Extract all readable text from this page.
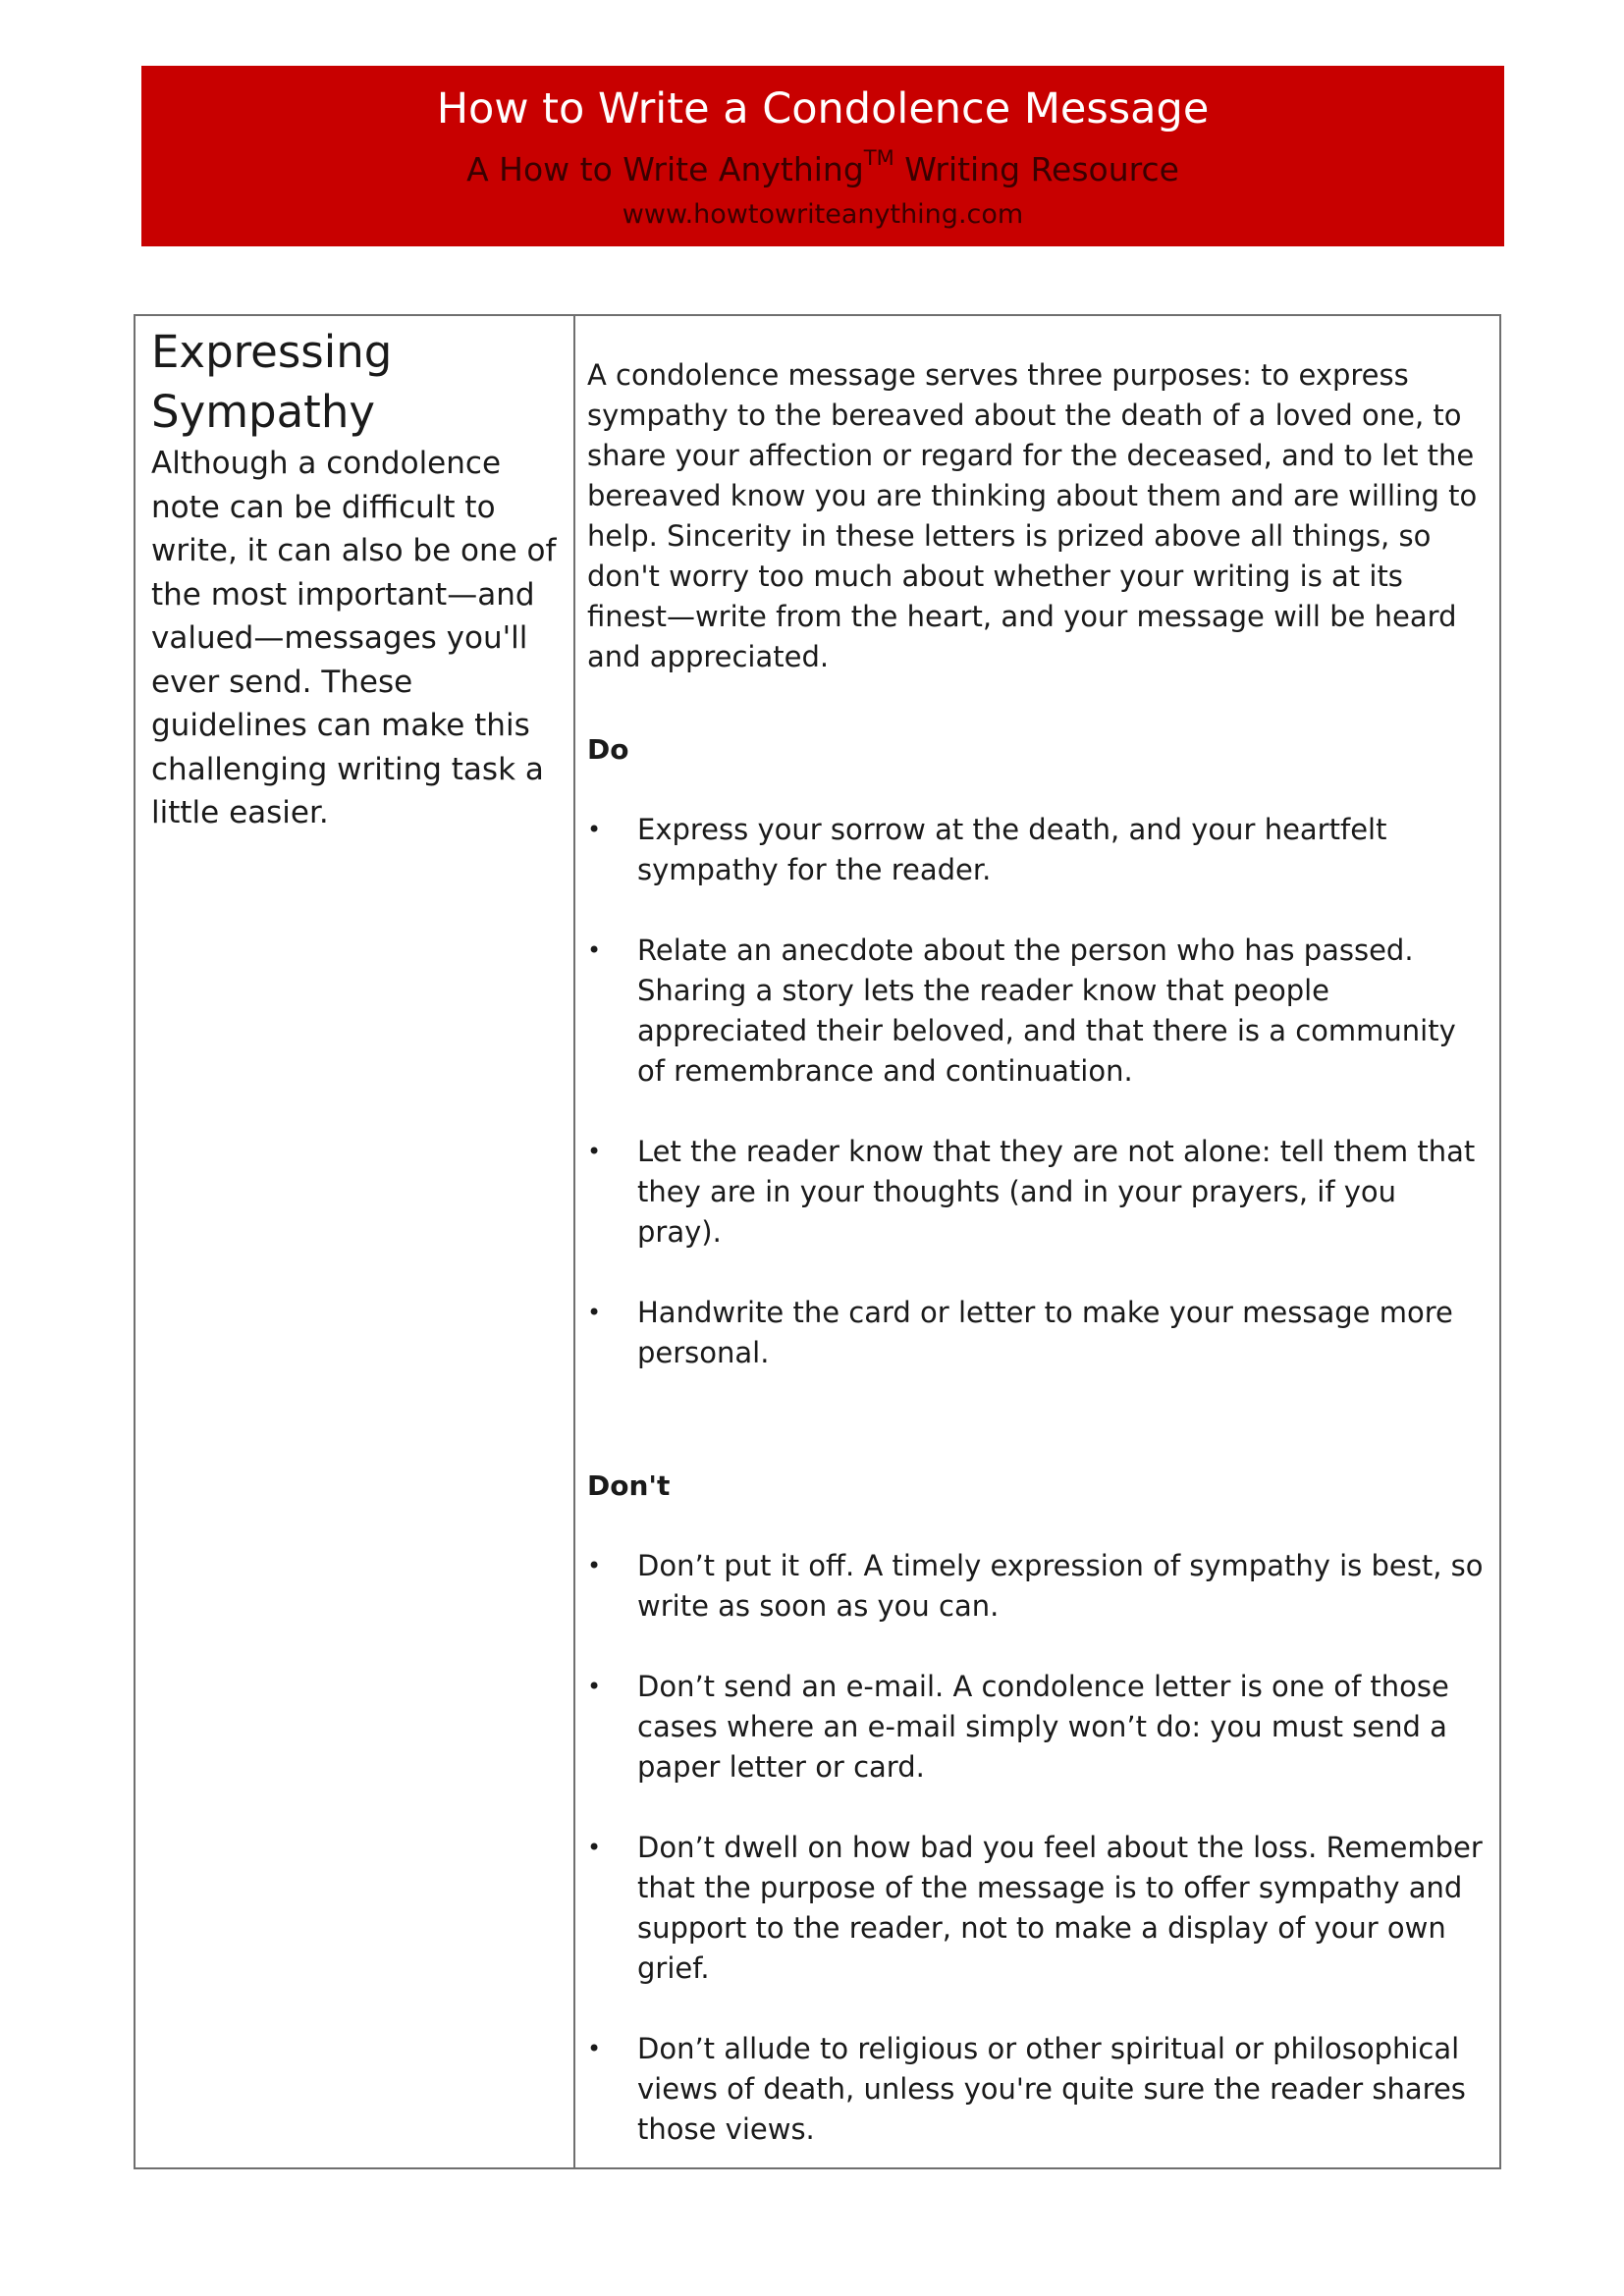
How to Write a Condolence Message
A How to Write Anything™ Writing Resource
www.howtowriteanything.com
Expressing Sympathy

Although a condolence note can be difficult to write, it can also be one of the most important—and valued—messages you'll ever send. These guidelines can make this challenging writing task a little easier.

A condolence message serves three purposes: to express sympathy to the bereaved about the death of a loved one, to share your affection or regard for the deceased, and to let the bereaved know you are thinking about them and are willing to help. Sincerity in these letters is prized above all things, so don't worry too much about whether your writing is at its finest—write from the heart, and your message will be heard and appreciated.

Do
• Express your sorrow at the death, and your heartfelt sympathy for the reader.
• Relate an anecdote about the person who has passed. Sharing a story lets the reader know that people appreciated their beloved, and that there is a community of remembrance and continuation.
• Let the reader know that they are not alone: tell them that they are in your thoughts (and in your prayers, if you pray).
• Handwrite the card or letter to make your message more personal.
Don't
• Don’t put it off. A timely expression of sympathy is best, so write as soon as you can.
• Don’t send an e-mail. A condolence letter is one of those cases where an e-mail simply won’t do: you must send a paper letter or card.
• Don’t dwell on how bad you feel about the loss. Remember that the purpose of the message is to offer sympathy and support to the reader, not to make a display of your own grief.
• Don’t allude to religious or other spiritual or philosophical views of death, unless you're quite sure the reader shares those views.
